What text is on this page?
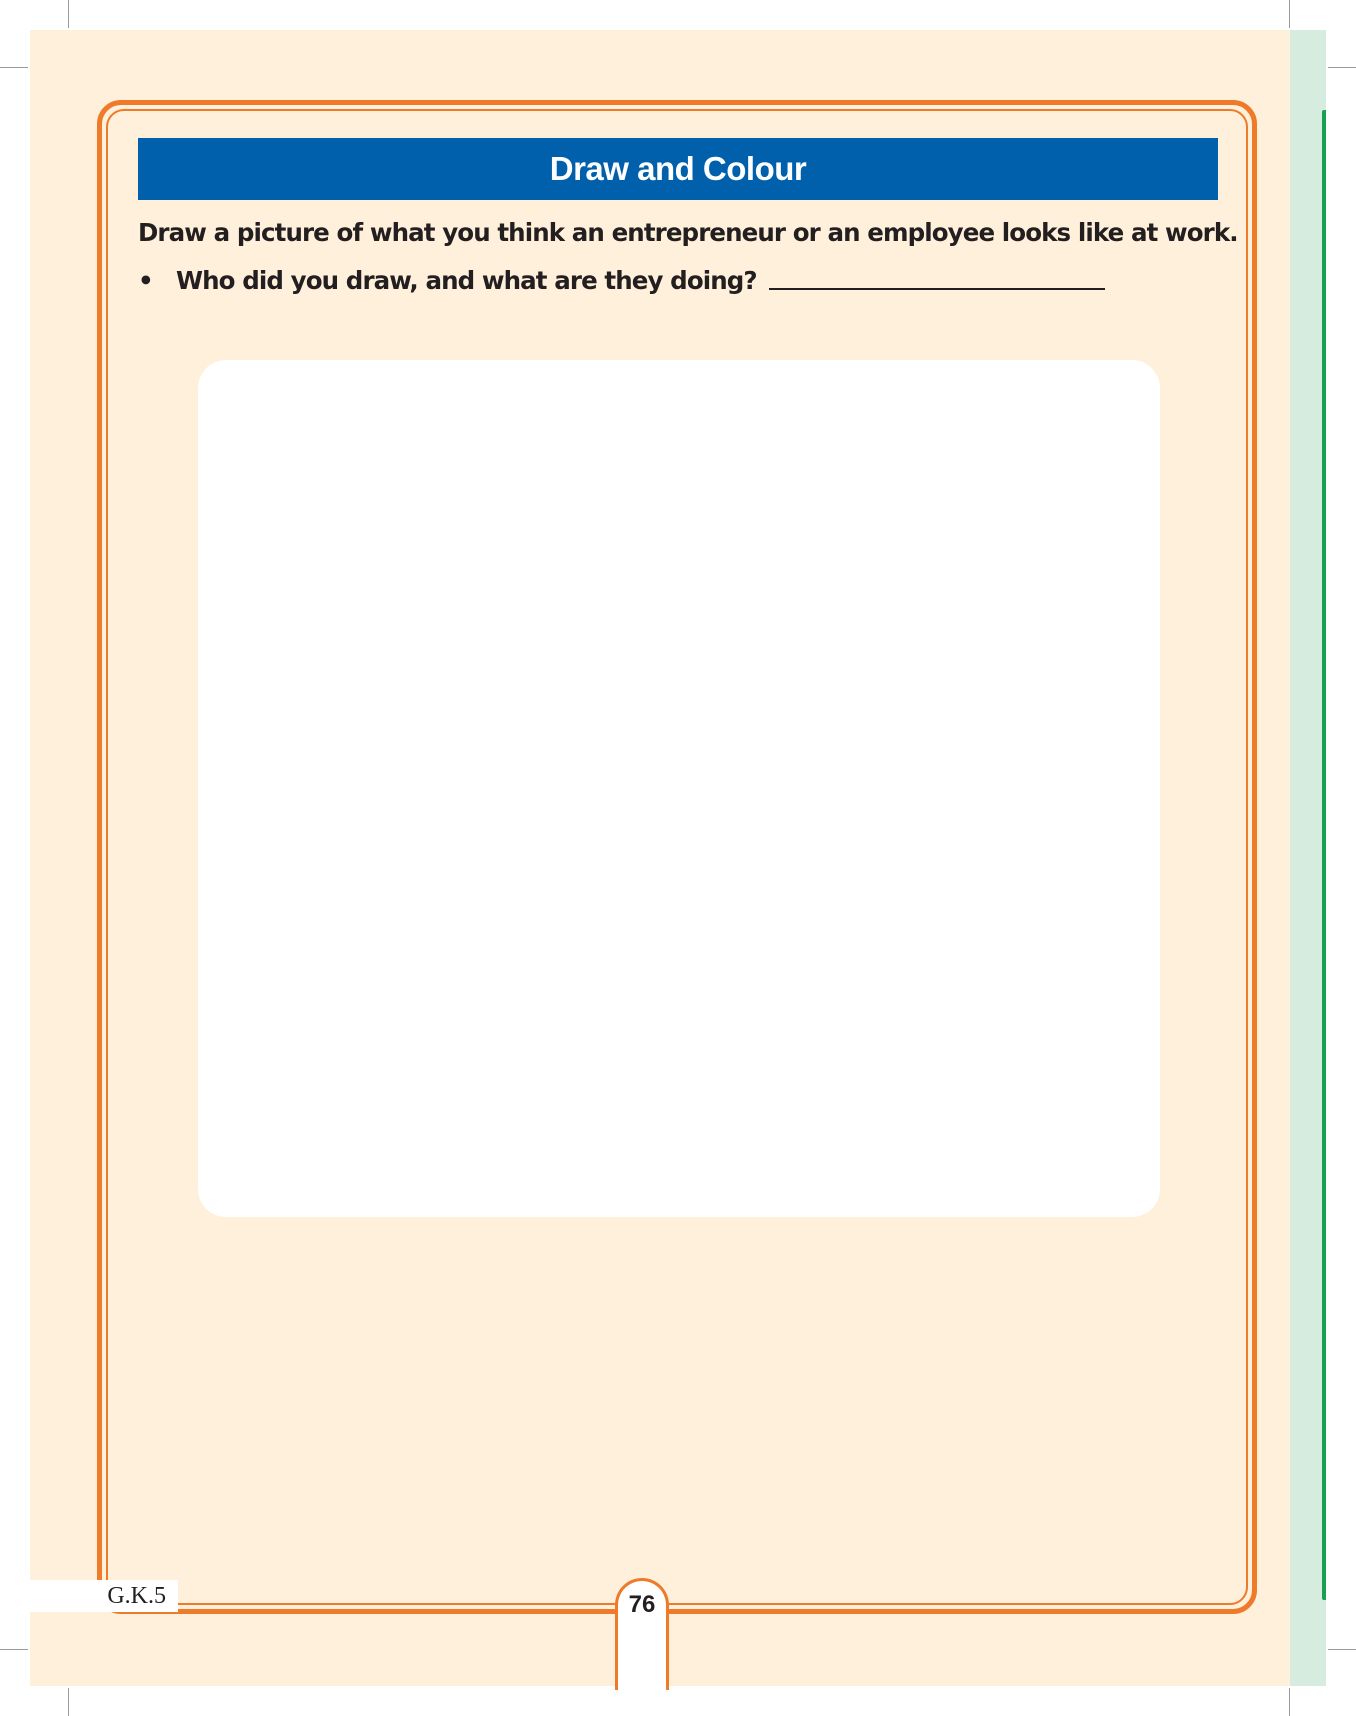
Draw and Colour
Draw a picture of what you think an entrepreneur or an employee looks like at work.
• Who did you draw, and what are they doing?
G.K.5	76
